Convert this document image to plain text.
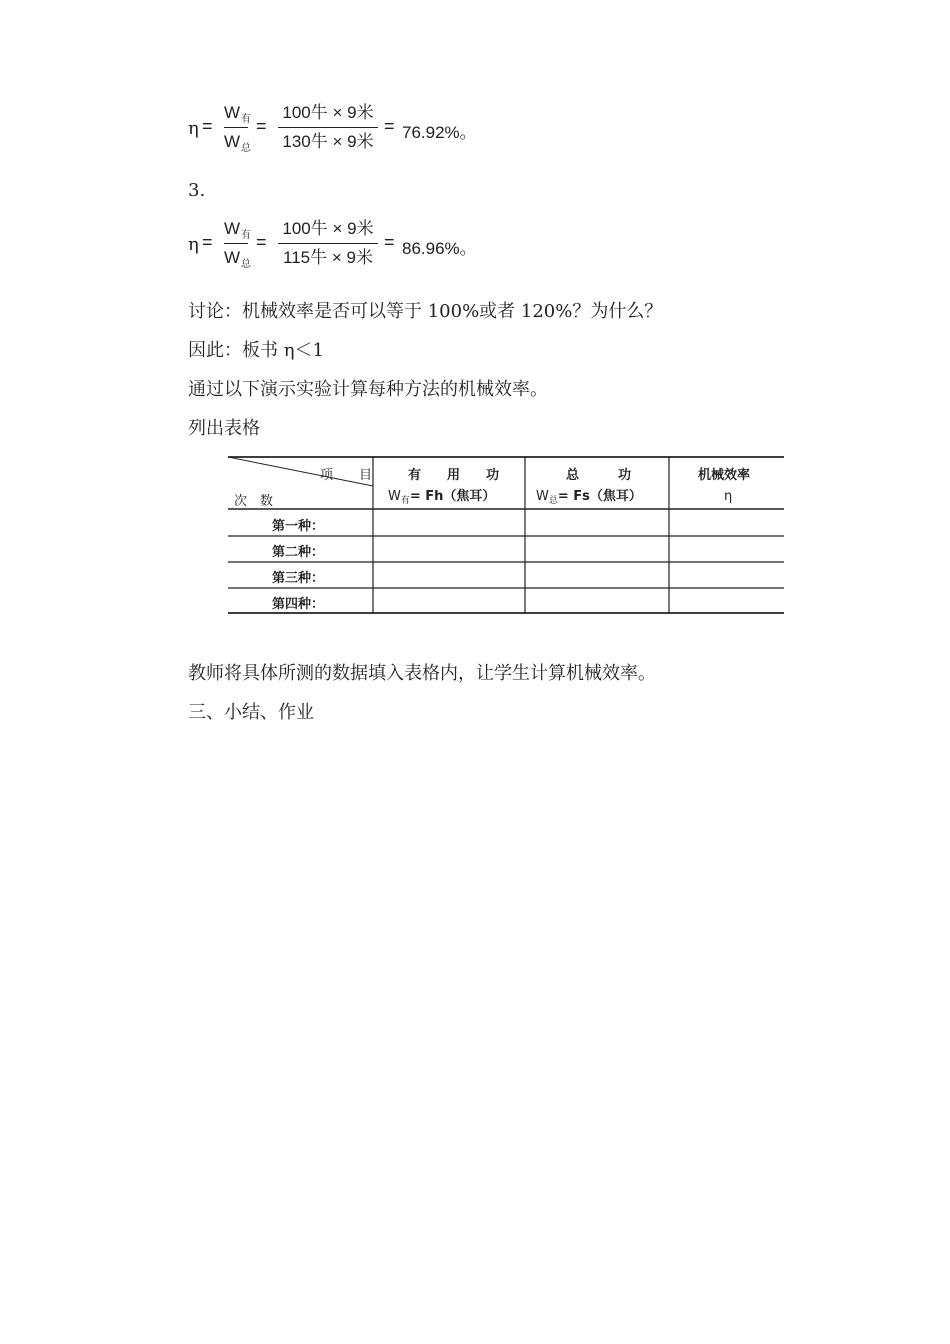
η =
$W_有$
$W_总$
=
100牛 × 9米
130牛 × 9米
= 76.92%。
3.
η =
$W_有$
$W_总$
=
100牛 × 9米
115牛 × 9米
= 86.96%。
讨论：机械效率是否可以等于 100%或者 120%？为什么？
因此：板书 η＜1
通过以下演示实验计算每种方法的机械效率。
列出表格
项　　目
次　数
有　　用　　功
$W_有= Fh$（焦耳）
总　　　功
$W_总= Fs$（焦耳）
机械效率
η
第一种：
第二种：
第三种：
第四种：
教师将具体所测的数据填入表格内，让学生计算机械效率。
三、小结、作业
